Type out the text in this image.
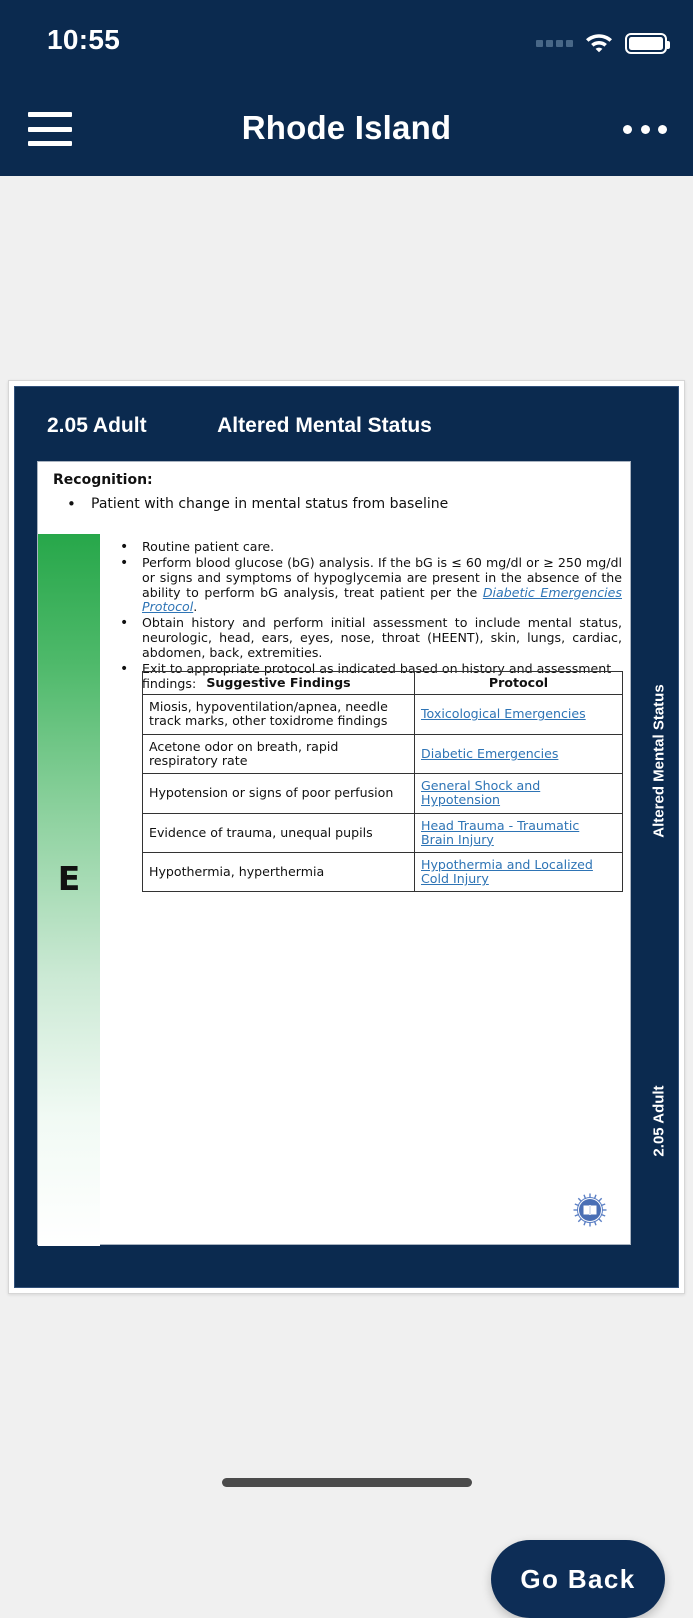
10:55
Rhode Island
2.05 Adult	Altered Mental Status
Recognition:
• Patient with change in mental status from baseline
E
• Routine patient care.
• Perform blood glucose (bG) analysis. If the bG is ≤ 60 mg/dl or ≥ 250 mg/dl or signs and symptoms of hypoglycemia are present in the absence of the ability to perform bG analysis, treat patient per the Diabetic Emergencies Protocol.
• Obtain history and perform initial assessment to include mental status, neurologic, head, ears, eyes, nose, throat (HEENT), skin, lungs, cardiac, abdomen, back, extremities.
• Exit to appropriate protocol as indicated based on history and assessment findings: Suggestive Findings	Protocol
Miosis, hypoventilation/apnea, needle track marks, other toxidrome findings	Toxicological Emergencies
Acetone odor on breath, rapid respiratory rate	Diabetic Emergencies
Hypotension or signs of poor perfusion	General Shock and Hypotension
Evidence of trauma, unequal pupils	Head Trauma - Traumatic Brain Injury
Hypothermia, hyperthermia	Hypothermia and Localized Cold Injury
Altered Mental Status
2.05 Adult
Go Back
